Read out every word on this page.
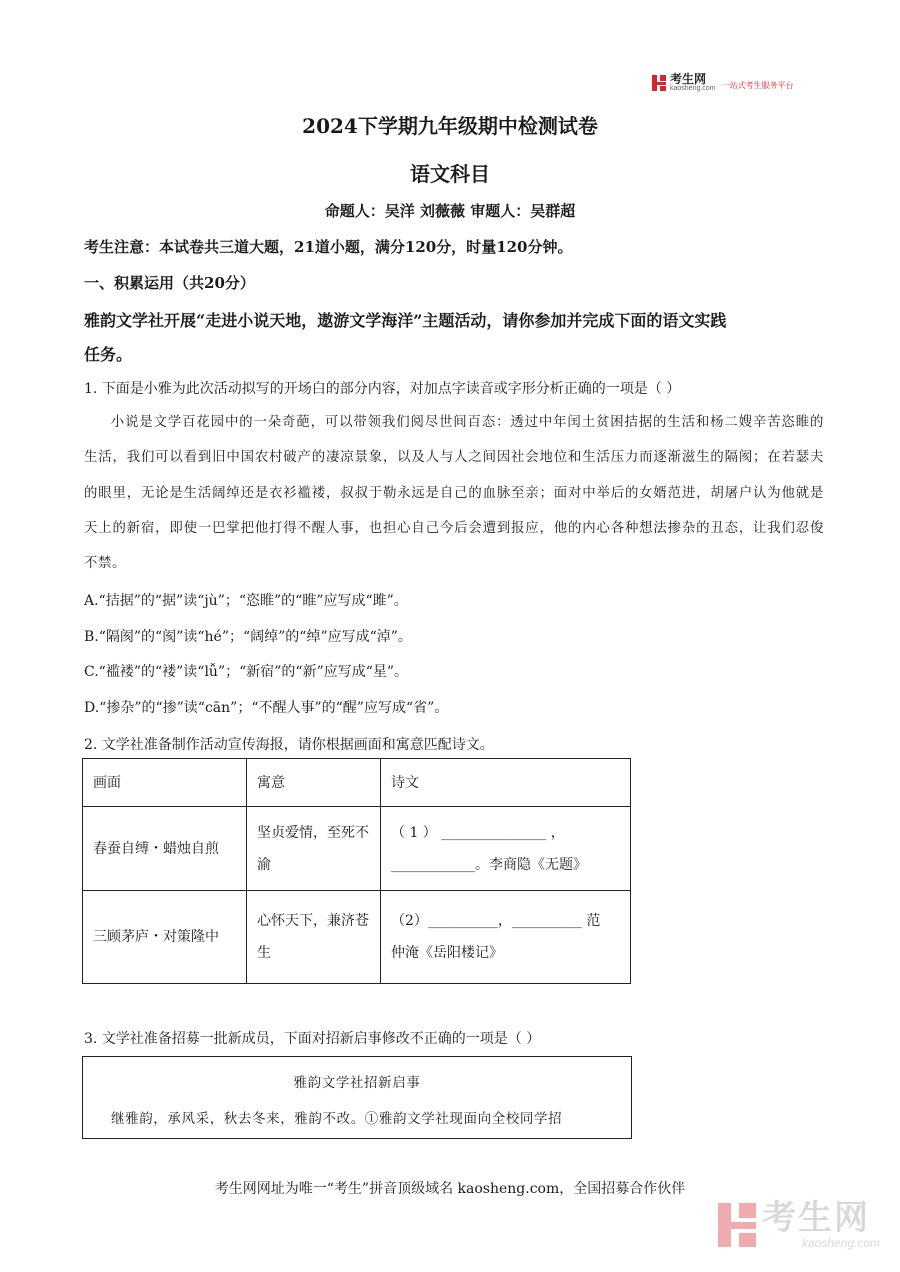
考生网
kaosheng.com 一站式考生服务平台
2024下学期九年级期中检测试卷
语文科目
命题人：吴洋 刘薇薇 审题人：吴群超
考生注意：本试卷共三道大题，21道小题，满分120分，时量120分钟。
一、积累运用（共20分）
雅韵文学社开展“走进小说天地，遨游文学海洋”主题活动，请你参加并完成下面的语文实践
任务。
1. 下面是小雅为此次活动拟写的开场白的部分内容，对加点字读音或字形分析正确的一项是（ ）

小说是文学百花园中的一朵奇葩，可以带领我们阅尽世间百态：透过中年闰土贫困拮据的生活和杨二嫂辛苦恣睢的生活，我们可以看到旧中国农村破产的凄凉景象，以及人与人之间因社会地位和生活压力而逐渐滋生的隔阂；在若瑟夫的眼里，无论是生活阔绰还是衣衫褴褛，叔叔于勒永远是自己的血脉至亲；面对中举后的女婿范进，胡屠户认为他就是天上的新宿，即使一巴掌把他打得不醒人事，也担心自己今后会遭到报应，他的内心各种想法掺杂的丑态，让我们忍俊不禁。

A.“拮据”的“据”读“jù”；“恣睢”的“睢”应写成“雎”。
B.“隔阂”的“阂”读“hé”；“阔绰”的“绰”应写成“淖”。
C.“褴褛”的“褛”读“lǚ”；“新宿”的“新”应写成“星”。
D.“掺杂”的“掺”读“cān”；“不醒人事”的“醒”应写成“省”。
2. 文学社准备制作活动宣传海报，请你根据画面和寓意匹配诗文。
画面	寓意	诗文
春蚕自缚・蜡烛自煎	坚贞爱情，至死不渝	（ 1 ） _______________ ，
____________。李商隐《无题》

三顾茅庐・对策隆中	心怀天下，兼济苍生	（2）__________，__________ 范
仲淹《岳阳楼记》
3. 文学社准备招募一批新成员，下面对招新启事修改不正确的一项是（ ）
雅韵文学社招新启事
继雅韵，承风采，秋去冬来，雅韵不改。①雅韵文学社现面向全校同学招
考生网网址为唯一“考生”拼音顶级域名 kaosheng.com，全国招募合作伙伴
考生网
kaosheng.com
